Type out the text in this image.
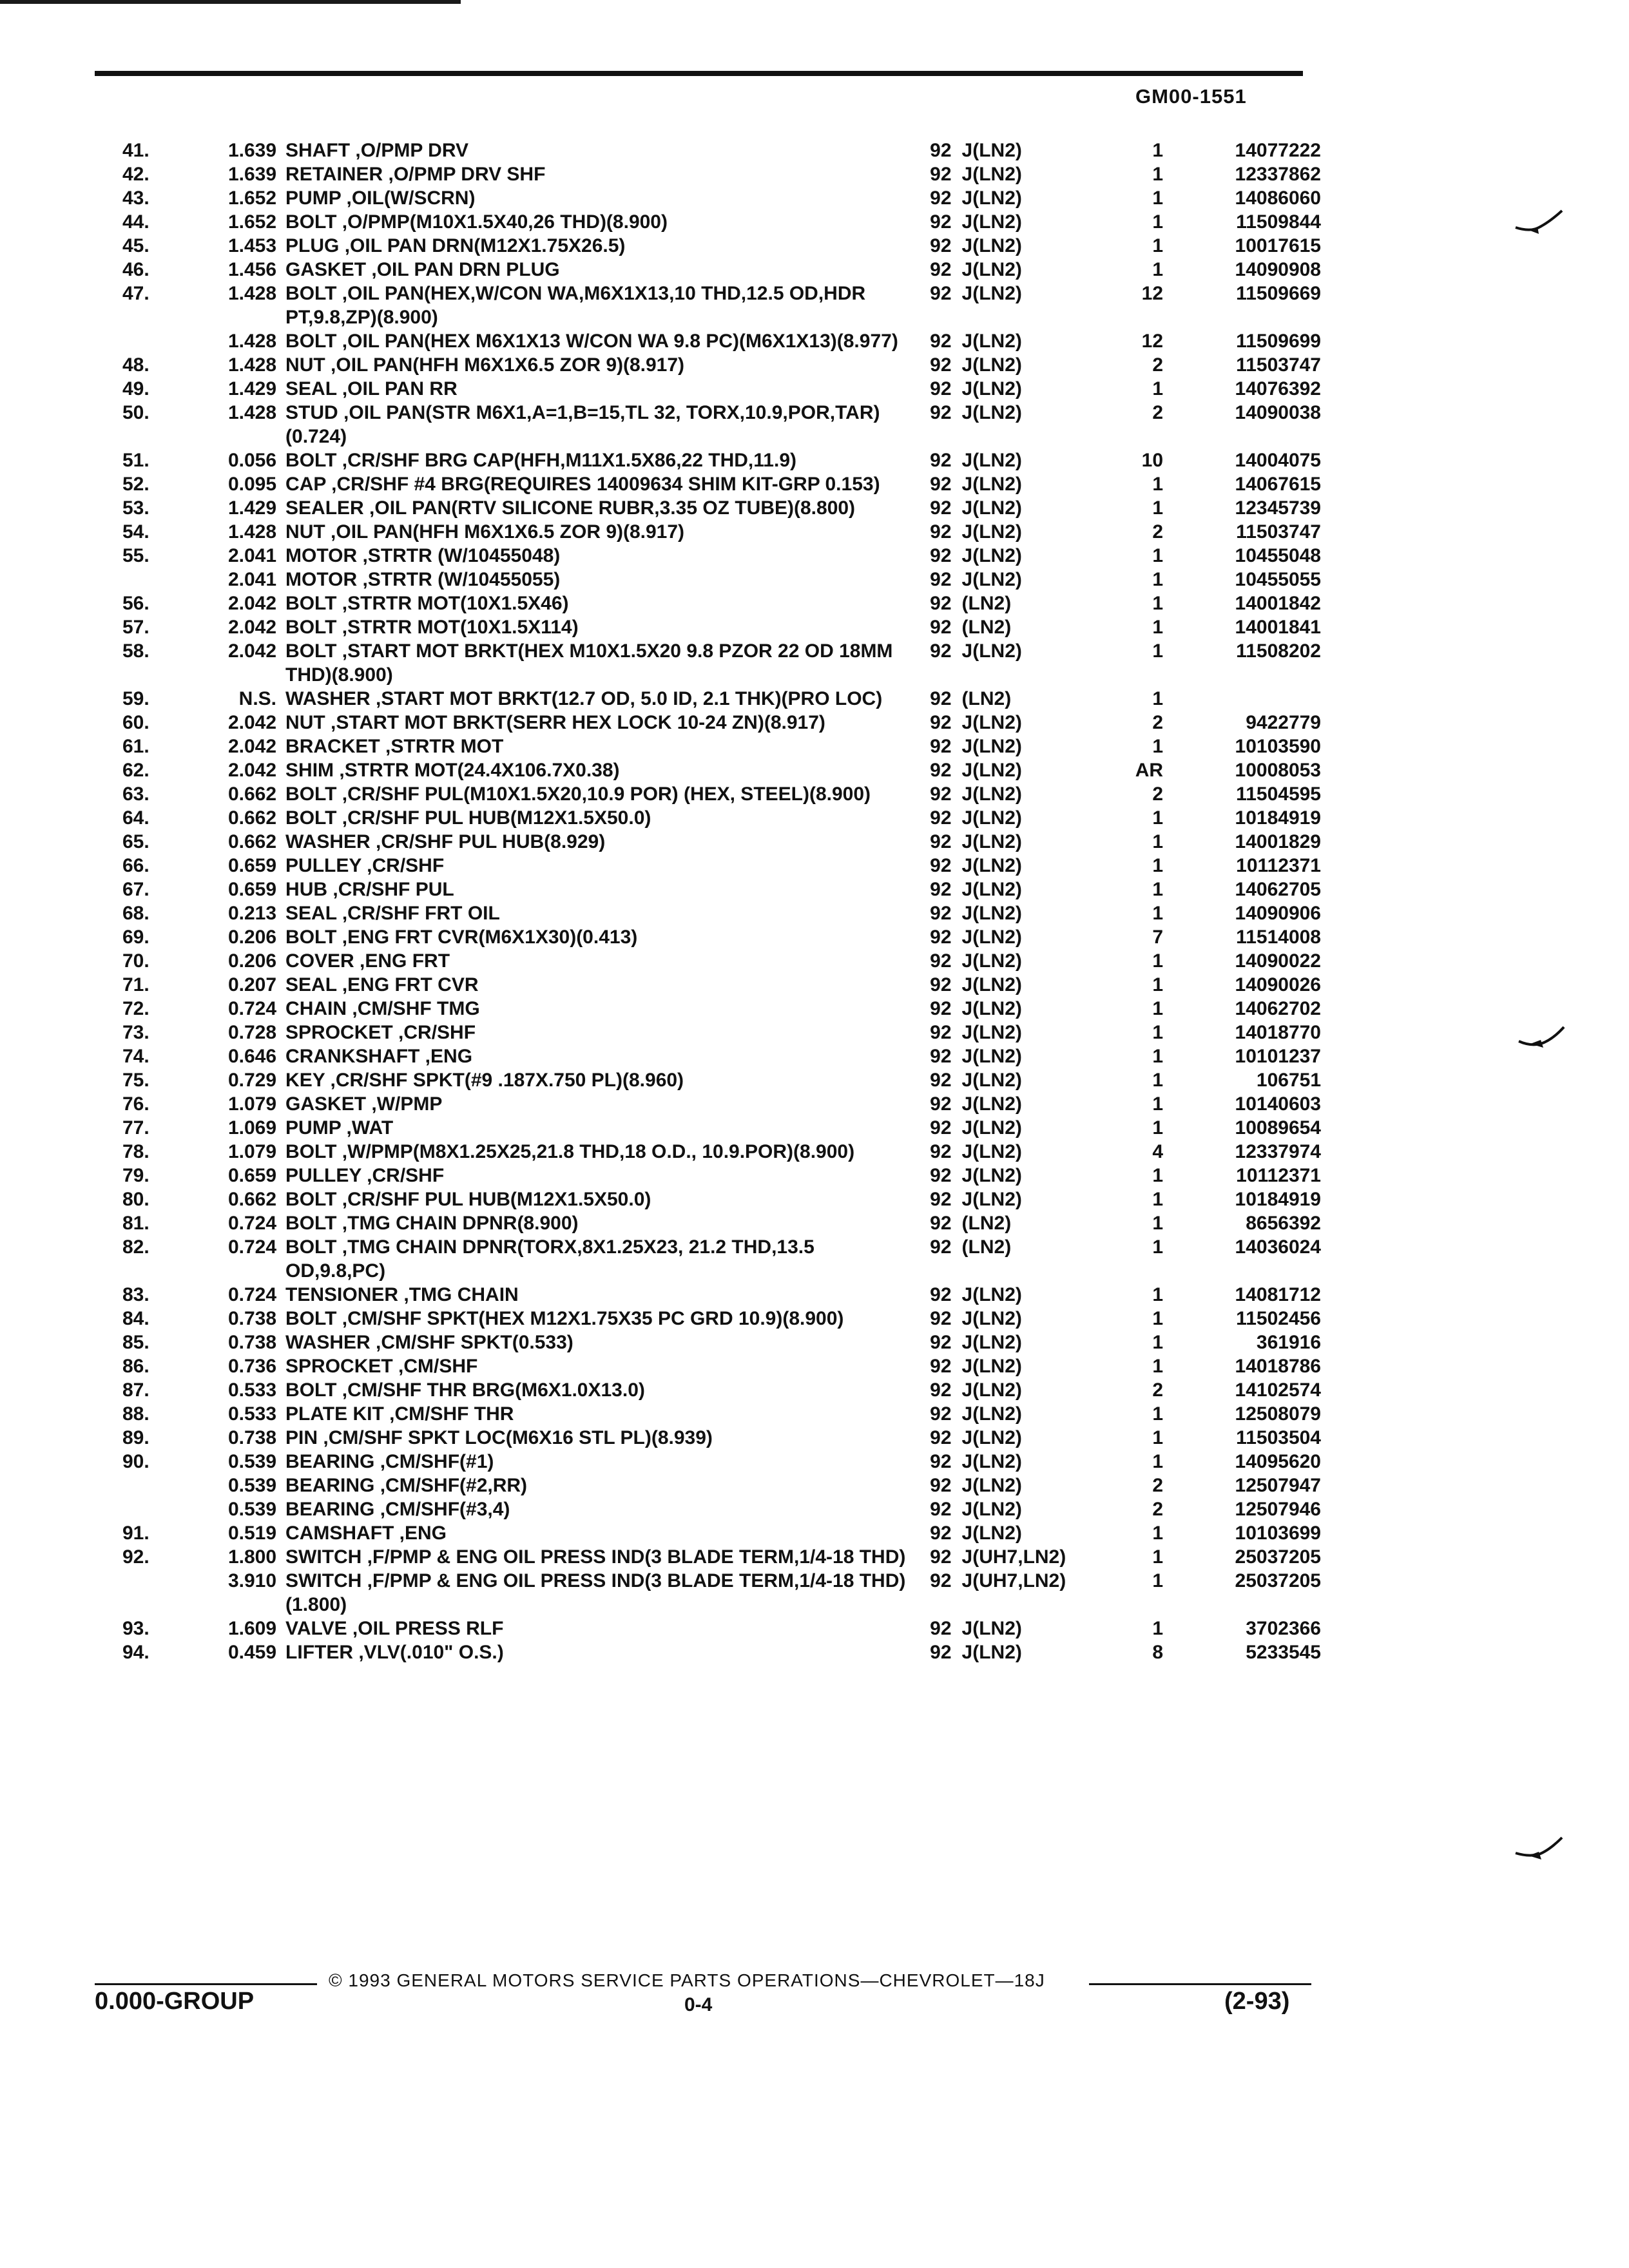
GM00-1551
41.	1.639	SHAFT ,O/PMP DRV	92	J(LN2)	1	14077222
42.	1.639	RETAINER ,O/PMP DRV SHF	92	J(LN2)	1	12337862
43.	1.652	PUMP ,OIL(W/SCRN)	92	J(LN2)	1	14086060
44.	1.652	BOLT ,O/PMP(M10X1.5X40,26 THD)(8.900)	92	J(LN2)	1	11509844
45.	1.453	PLUG ,OIL PAN DRN(M12X1.75X26.5)	92	J(LN2)	1	10017615
46.	1.456	GASKET ,OIL PAN DRN PLUG	92	J(LN2)	1	14090908
47.	1.428	BOLT ,OIL PAN(HEX,W/CON WA,M6X1X13,10 THD,12.5 OD,HDR PT,9.8,ZP)(8.900)	92	J(LN2)	12	11509669
	1.428	BOLT ,OIL PAN(HEX M6X1X13 W/CON WA 9.8 PC)(M6X1X13)(8.977)	92	J(LN2)	12	11509699
48.	1.428	NUT ,OIL PAN(HFH M6X1X6.5 ZOR 9)(8.917)	92	J(LN2)	2	11503747
49.	1.429	SEAL ,OIL PAN RR	92	J(LN2)	1	14076392
50.	1.428	STUD ,OIL PAN(STR M6X1,A=1,B=15,TL 32, TORX,10.9,POR,TAR)(0.724)	92	J(LN2)	2	14090038
51.	0.056	BOLT ,CR/SHF BRG CAP(HFH,M11X1.5X86,22 THD,11.9)	92	J(LN2)	10	14004075
52.	0.095	CAP ,CR/SHF #4 BRG(REQUIRES 14009634 SHIM KIT-GRP 0.153)	92	J(LN2)	1	14067615
53.	1.429	SEALER ,OIL PAN(RTV SILICONE RUBR,3.35 OZ TUBE)(8.800)	92	J(LN2)	1	12345739
54.	1.428	NUT ,OIL PAN(HFH M6X1X6.5 ZOR 9)(8.917)	92	J(LN2)	2	11503747
55.	2.041	MOTOR ,STRTR (W/10455048)	92	J(LN2)	1	10455048
	2.041	MOTOR ,STRTR (W/10455055)	92	J(LN2)	1	10455055
56.	2.042	BOLT ,STRTR MOT(10X1.5X46)	92	(LN2)	1	14001842
57.	2.042	BOLT ,STRTR MOT(10X1.5X114)	92	(LN2)	1	14001841
58.	2.042	BOLT ,START MOT BRKT(HEX M10X1.5X20 9.8 PZOR 22 OD 18MM THD)(8.900)	92	J(LN2)	1	11508202
59.	N.S.	WASHER ,START MOT BRKT(12.7 OD, 5.0 ID, 2.1 THK)(PRO LOC)	92	(LN2)	1	
60.	2.042	NUT ,START MOT BRKT(SERR HEX LOCK 10-24 ZN)(8.917)	92	J(LN2)	2	9422779
61.	2.042	BRACKET ,STRTR MOT	92	J(LN2)	1	10103590
62.	2.042	SHIM ,STRTR MOT(24.4X106.7X0.38)	92	J(LN2)	AR	10008053
63.	0.662	BOLT ,CR/SHF PUL(M10X1.5X20,10.9 POR) (HEX, STEEL)(8.900)	92	J(LN2)	2	11504595
64.	0.662	BOLT ,CR/SHF PUL HUB(M12X1.5X50.0)	92	J(LN2)	1	10184919
65.	0.662	WASHER ,CR/SHF PUL HUB(8.929)	92	J(LN2)	1	14001829
66.	0.659	PULLEY ,CR/SHF	92	J(LN2)	1	10112371
67.	0.659	HUB ,CR/SHF PUL	92	J(LN2)	1	14062705
68.	0.213	SEAL ,CR/SHF FRT OIL	92	J(LN2)	1	14090906
69.	0.206	BOLT ,ENG FRT CVR(M6X1X30)(0.413)	92	J(LN2)	7	11514008
70.	0.206	COVER ,ENG FRT	92	J(LN2)	1	14090022
71.	0.207	SEAL ,ENG FRT CVR	92	J(LN2)	1	14090026
72.	0.724	CHAIN ,CM/SHF TMG	92	J(LN2)	1	14062702
73.	0.728	SPROCKET ,CR/SHF	92	J(LN2)	1	14018770
74.	0.646	CRANKSHAFT ,ENG	92	J(LN2)	1	10101237
75.	0.729	KEY ,CR/SHF SPKT(#9 .187X.750 PL)(8.960)	92	J(LN2)	1	106751
76.	1.079	GASKET ,W/PMP	92	J(LN2)	1	10140603
77.	1.069	PUMP ,WAT	92	J(LN2)	1	10089654
78.	1.079	BOLT ,W/PMP(M8X1.25X25,21.8 THD,18 O.D., 10.9.POR)(8.900)	92	J(LN2)	4	12337974
79.	0.659	PULLEY ,CR/SHF	92	J(LN2)	1	10112371
80.	0.662	BOLT ,CR/SHF PUL HUB(M12X1.5X50.0)	92	J(LN2)	1	10184919
81.	0.724	BOLT ,TMG CHAIN DPNR(8.900)	92	(LN2)	1	8656392
82.	0.724	BOLT ,TMG CHAIN DPNR(TORX,8X1.25X23, 21.2 THD,13.5 OD,9.8,PC)	92	(LN2)	1	14036024
83.	0.724	TENSIONER ,TMG CHAIN	92	J(LN2)	1	14081712
84.	0.738	BOLT ,CM/SHF SPKT(HEX M12X1.75X35 PC GRD 10.9)(8.900)	92	J(LN2)	1	11502456
85.	0.738	WASHER ,CM/SHF SPKT(0.533)	92	J(LN2)	1	361916
86.	0.736	SPROCKET ,CM/SHF	92	J(LN2)	1	14018786
87.	0.533	BOLT ,CM/SHF THR BRG(M6X1.0X13.0)	92	J(LN2)	2	14102574
88.	0.533	PLATE KIT ,CM/SHF THR	92	J(LN2)	1	12508079
89.	0.738	PIN ,CM/SHF SPKT LOC(M6X16 STL PL)(8.939)	92	J(LN2)	1	11503504
90.	0.539	BEARING ,CM/SHF(#1)	92	J(LN2)	1	14095620
	0.539	BEARING ,CM/SHF(#2,RR)	92	J(LN2)	2	12507947
	0.539	BEARING ,CM/SHF(#3,4)	92	J(LN2)	2	12507946
91.	0.519	CAMSHAFT ,ENG	92	J(LN2)	1	10103699
92.	1.800	SWITCH ,F/PMP & ENG OIL PRESS IND(3 BLADE TERM,1/4-18 THD)	92	J(UH7,LN2)	1	25037205
	3.910	SWITCH ,F/PMP & ENG OIL PRESS IND(3 BLADE TERM,1/4-18 THD)(1.800)	92	J(UH7,LN2)	1	25037205
93.	1.609	VALVE ,OIL PRESS RLF	92	J(LN2)	1	3702366
94.	0.459	LIFTER ,VLV(.010" O.S.)	92	J(LN2)	8	5233545
© 1993 GENERAL MOTORS SERVICE PARTS OPERATIONS—CHEVROLET—18J
0.000-GROUP	0-4	(2-93)
